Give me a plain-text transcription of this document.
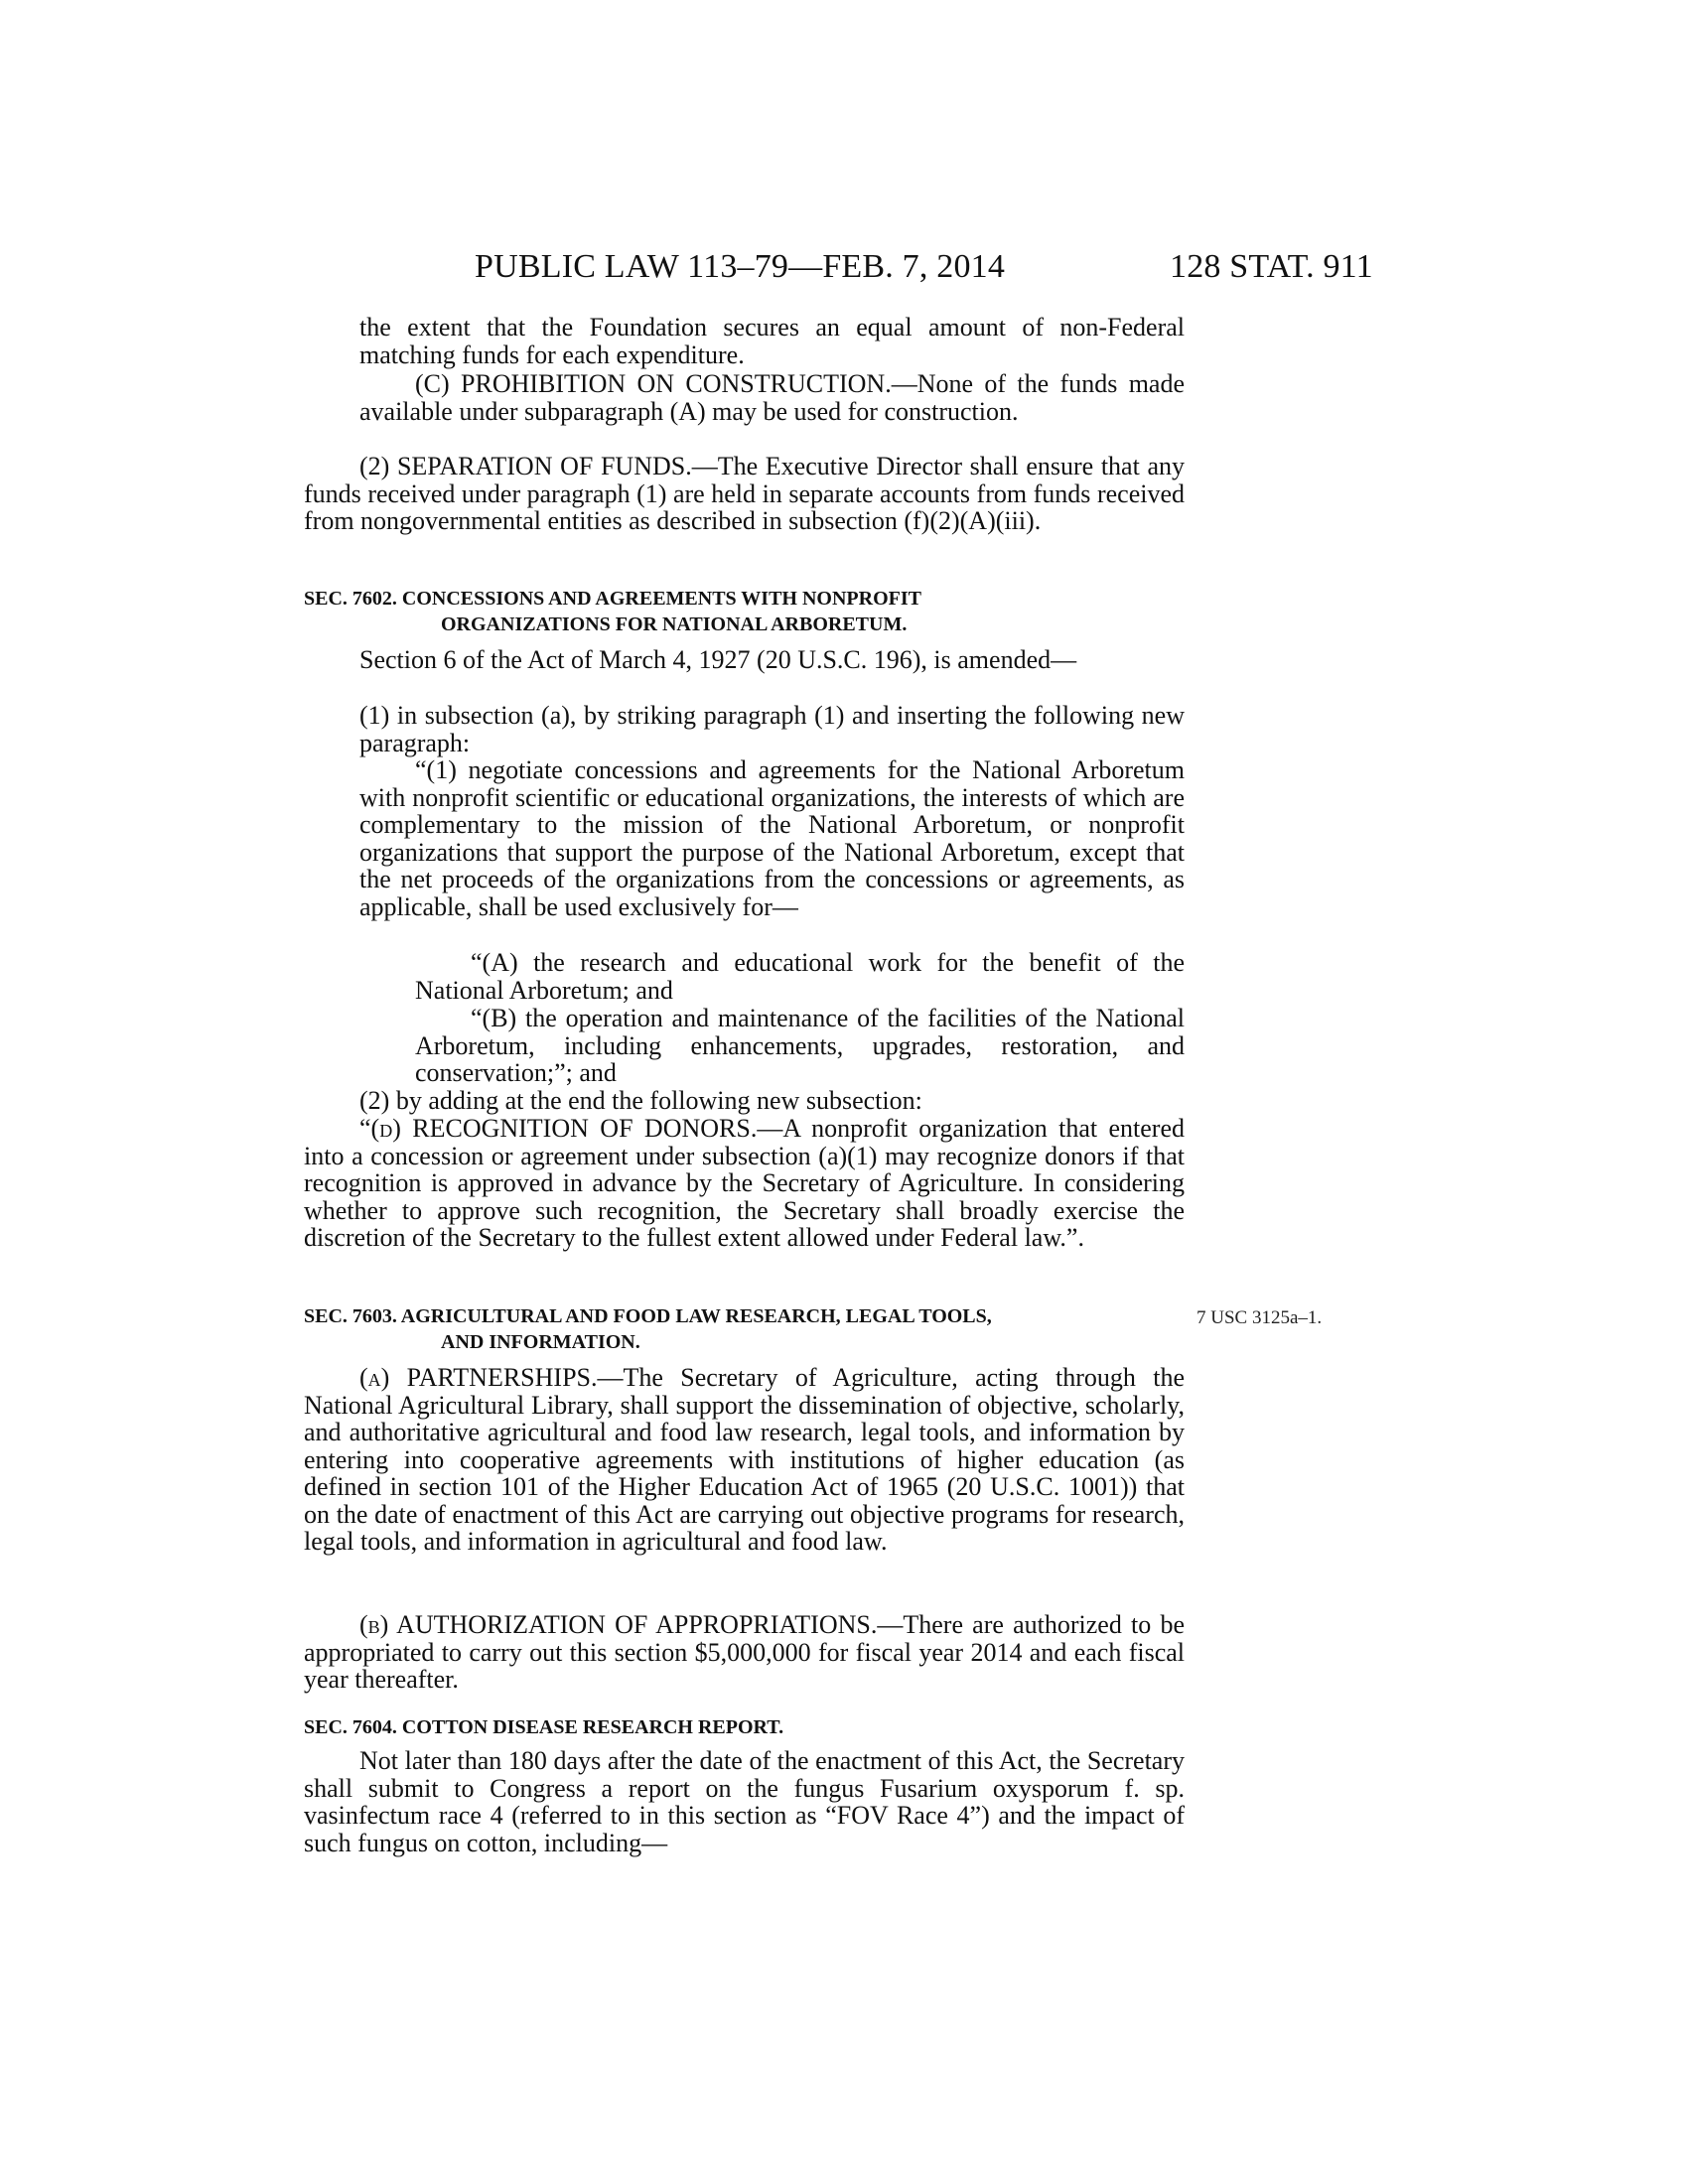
PUBLIC LAW 113–79—FEB. 7, 2014	128 STAT. 911

the extent that the Foundation secures an equal amount of non-Federal matching funds for each expenditure.

(C) PROHIBITION ON CONSTRUCTION.—None of the funds made available under subparagraph (A) may be used for construction.

(2) SEPARATION OF FUNDS.—The Executive Director shall ensure that any funds received under paragraph (1) are held in separate accounts from funds received from nongovernmental entities as described in subsection (f)(2)(A)(iii).

SEC. 7602. CONCESSIONS AND AGREEMENTS WITH NONPROFIT
ORGANIZATIONS FOR NATIONAL ARBORETUM.

Section 6 of the Act of March 4, 1927 (20 U.S.C. 196), is amended—

(1) in subsection (a), by striking paragraph (1) and inserting the following new paragraph:

“(1) negotiate concessions and agreements for the National Arboretum with nonprofit scientific or educational organizations, the interests of which are complementary to the mission of the National Arboretum, or nonprofit organizations that support the purpose of the National Arboretum, except that the net proceeds of the organizations from the concessions or agreements, as applicable, shall be used exclusively for—

“(A) the research and educational work for the benefit of the National Arboretum; and

“(B) the operation and maintenance of the facilities of the National Arboretum, including enhancements, upgrades, restoration, and conservation;”; and

(2) by adding at the end the following new subsection:

“(d) RECOGNITION OF DONORS.—A nonprofit organization that entered into a concession or agreement under subsection (a)(1) may recognize donors if that recognition is approved in advance by the Secretary of Agriculture. In considering whether to approve such recognition, the Secretary shall broadly exercise the discretion of the Secretary to the fullest extent allowed under Federal law.”.

SEC. 7603. AGRICULTURAL AND FOOD LAW RESEARCH, LEGAL TOOLS,
AND INFORMATION.
7 USC 3125a–1.

(a) PARTNERSHIPS.—The Secretary of Agriculture, acting through the National Agricultural Library, shall support the dissemination of objective, scholarly, and authoritative agricultural and food law research, legal tools, and information by entering into cooperative agreements with institutions of higher education (as defined in section 101 of the Higher Education Act of 1965 (20 U.S.C. 1001)) that on the date of enactment of this Act are carrying out objective programs for research, legal tools, and information in agricultural and food law.

(b) AUTHORIZATION OF APPROPRIATIONS.—There are authorized to be appropriated to carry out this section $5,000,000 for fiscal year 2014 and each fiscal year thereafter.

SEC. 7604. COTTON DISEASE RESEARCH REPORT.

Not later than 180 days after the date of the enactment of this Act, the Secretary shall submit to Congress a report on the fungus Fusarium oxysporum f. sp. vasinfectum race 4 (referred to in this section as “FOV Race 4”) and the impact of such fungus on cotton, including—
